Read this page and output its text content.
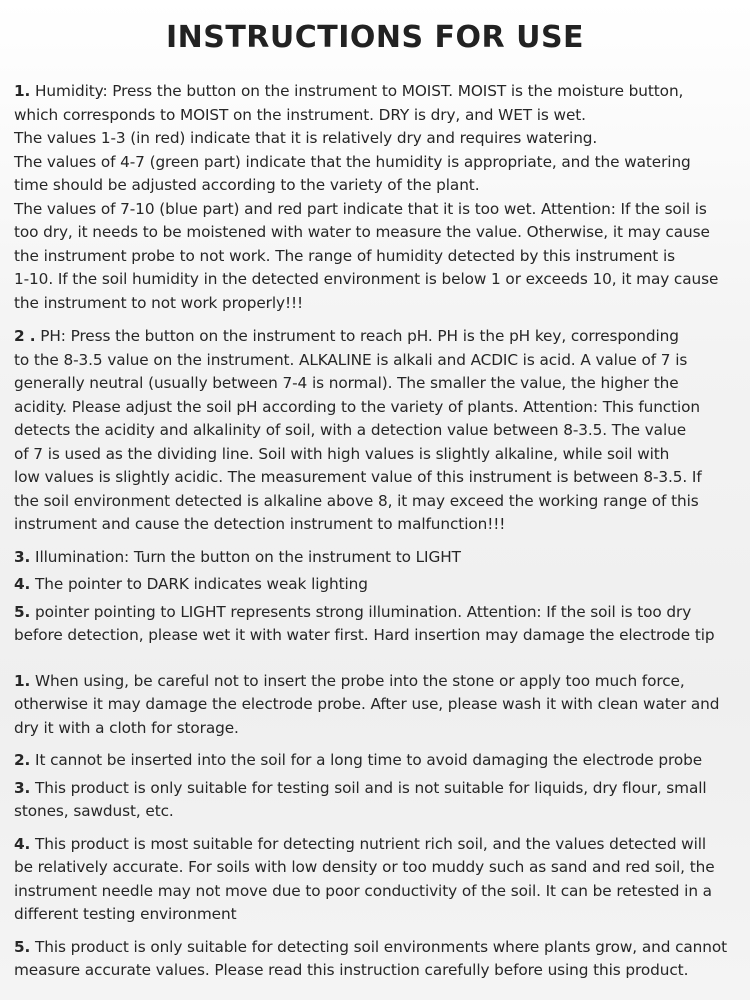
INSTRUCTIONS FOR USE
1. Humidity: Press the button on the instrument to MOIST. MOIST is the moisture button,
which corresponds to MOIST on the instrument. DRY is dry, and WET is wet.
The values 1-3 (in red) indicate that it is relatively dry and requires watering.
The values of 4-7 (green part) indicate that the humidity is appropriate, and the watering
time should be adjusted according to the variety of the plant.
The values of 7-10 (blue part) and red part indicate that it is too wet. Attention: If the soil is
too dry, it needs to be moistened with water to measure the value. Otherwise, it may cause
the instrument probe to not work. The range of humidity detected by this instrument is
1-10. If the soil humidity in the detected environment is below 1 or exceeds 10, it may cause
the instrument to not work properly!!!
2 . PH: Press the button on the instrument to reach pH. PH is the pH key, corresponding
to the 8-3.5 value on the instrument. ALKALINE is alkali and ACDIC is acid. A value of 7 is
generally neutral (usually between 7-4 is normal). The smaller the value, the higher the
acidity. Please adjust the soil pH according to the variety of plants. Attention: This function
detects the acidity and alkalinity of soil, with a detection value between 8-3.5. The value
of 7 is used as the dividing line. Soil with high values is slightly alkaline, while soil with
low values is slightly acidic. The measurement value of this instrument is between 8-3.5. If
the soil environment detected is alkaline above 8, it may exceed the working range of this
instrument and cause the detection instrument to malfunction!!!
3. Illumination: Turn the button on the instrument to LIGHT
4. The pointer to DARK indicates weak lighting
5. pointer pointing to LIGHT represents strong illumination. Attention: If the soil is too dry
before detection, please wet it with water first. Hard insertion may damage the electrode tip
1. When using, be careful not to insert the probe into the stone or apply too much force,
otherwise it may damage the electrode probe. After use, please wash it with clean water and
dry it with a cloth for storage.
2. It cannot be inserted into the soil for a long time to avoid damaging the electrode probe
3. This product is only suitable for testing soil and is not suitable for liquids, dry flour, small
stones, sawdust, etc.
4. This product is most suitable for detecting nutrient rich soil, and the values detected will
be relatively accurate. For soils with low density or too muddy such as sand and red soil, the
instrument needle may not move due to poor conductivity of the soil. It can be retested in a
different testing environment
5. This product is only suitable for detecting soil environments where plants grow, and cannot
measure accurate values. Please read this instruction carefully before using this product.
